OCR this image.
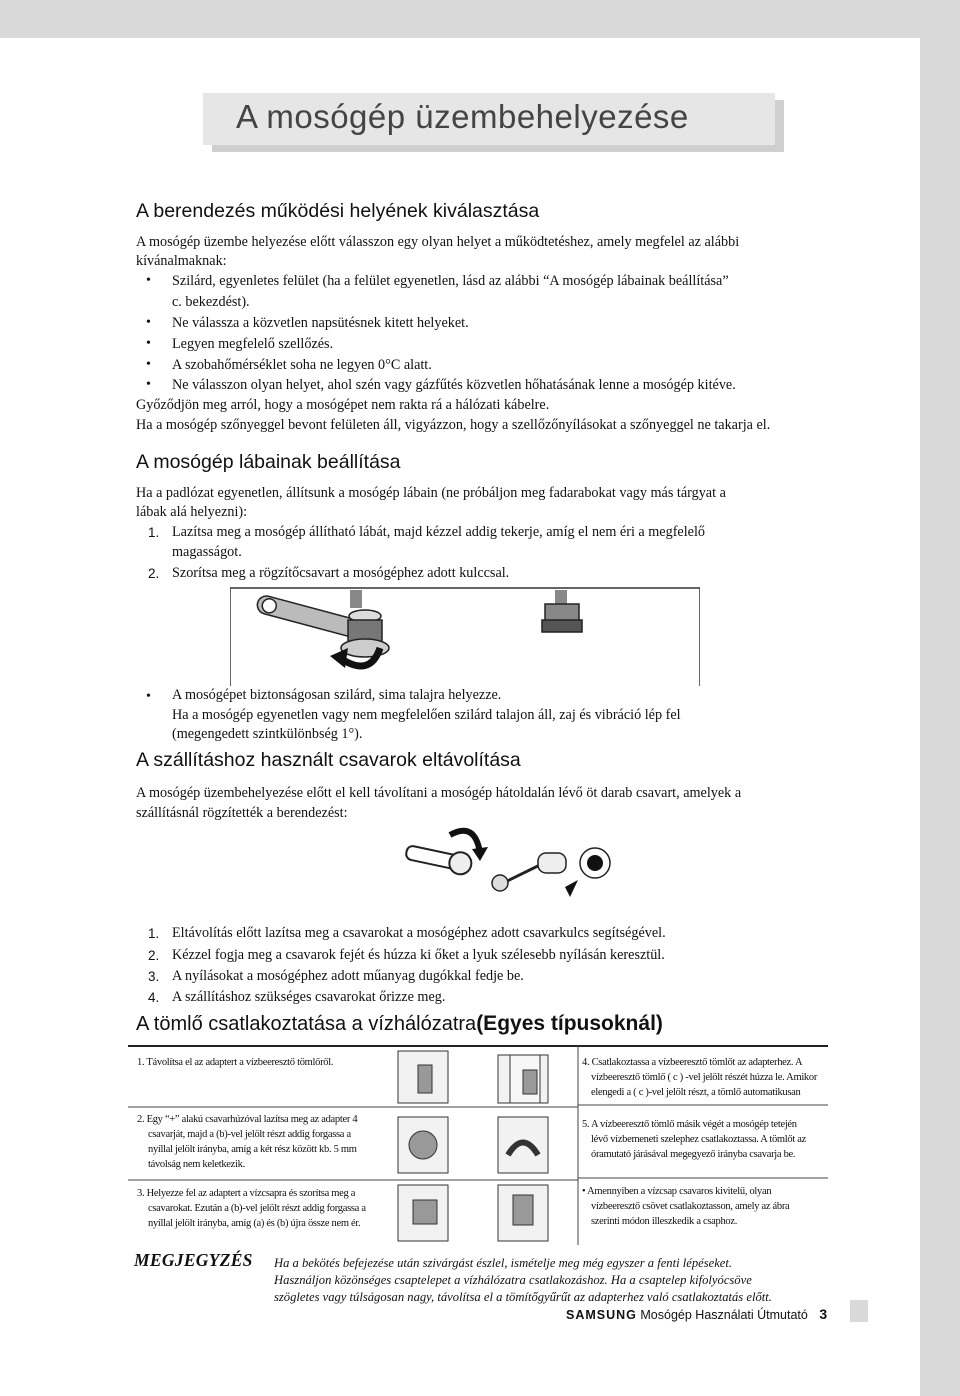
A mosógép üzembehelyezése
A berendezés működési helyének kiválasztása
A mosógép üzembe helyezése előtt válasszon egy olyan helyet a működtetéshez, amely megfelel az alábbi
kívánalmaknak:
• Szilárd, egyenletes felület (ha a felület egyenetlen, lásd az alábbi “A mosógép lábainak beállítása”
c. bekezdést).
• Ne válassza a közvetlen napsütésnek kitett helyeket.
• Legyen megfelelő szellőzés.
• A szobahőmérséklet soha ne legyen 0°C alatt.
• Ne válasszon olyan helyet, ahol szén vagy gázfűtés közvetlen hőhatásának lenne a mosógép kitéve.
Győződjön meg arról, hogy a mosógépet nem rakta rá a hálózati kábelre.
Ha a mosógép szőnyeggel bevont felületen áll, vigyázzon, hogy a szellőzőnyílásokat a szőnyeggel ne takarja el.
A mosógép lábainak beállítása
Ha a padlózat egyenetlen, állítsunk a mosógép lábain (ne próbáljon meg fadarabokat vagy más tárgyat a
lábak alá helyezni):
1. Lazítsa meg a mosógép állítható lábát, majd kézzel addig tekerje, amíg el nem éri a megfelelő
magasságot.
2. Szorítsa meg a rögzítőcsavart a mosógéphez adott kulccsal.
• A mosógépet biztonságosan szilárd, sima talajra helyezze.
Ha a mosógép egyenetlen vagy nem megfelelően szilárd talajon áll, zaj és vibráció lép fel
(megengedett szintkülönbség 1°).
A szállításhoz használt csavarok eltávolítása
A mosógép üzembehelyezése előtt el kell távolítani a mosógép hátoldalán lévő öt darab csavart, amelyek a
szállításnál rögzítették a berendezést:
1. Eltávolítás előtt lazítsa meg a csavarokat a mosógéphez adott csavarkulcs segítségével.
2. Kézzel fogja meg a csavarok fejét és húzza ki őket a lyuk szélesebb nyílásán keresztül.
3. A nyílásokat a mosógéphez adott műanyag dugókkal fedje be.
4. A szállításhoz szükséges csavarokat őrizze meg.
A tömlő csatlakoztatása a vízhálózatra(Egyes típusoknál)
1. Távolítsa el az adaptert a vízbeeresztő tömlőről.
2. Egy “+” alakú csavarhúzóval lazítsa meg az adapter 4
csavarját, majd a (b)-vel jelölt részt addig forgassa a
nyíllal jelölt irányba, amíg a két rész között kb. 5 mm
távolság nem keletkezik.
3. Helyezze fel az adaptert a vízcsapra és szorítsa meg a
csavarokat. Ezután a (b)-vel jelölt részt addig forgassa a
nyíllal jelölt irányba, amíg (a) és (b) újra össze nem ér.
4. Csatlakoztassa a vízbeeresztő tömlőt az adapterhez. A
vízbeeresztő tömlő ( c ) -vel jelölt részét húzza le. Amikor
elengedi a ( c )-vel jelölt részt, a tömlő automatikusan
5. A vízbeeresztő tömlő másik végét a mosógép tetején
lévő vízbemeneti szelephez csatlakoztassa. A tömlőt az
óramutató járásával megegyező irányba csavarja be.
• Amennyiben a vízcsap csavaros kivitelű, olyan
vízbeeresztő csövet csatlakoztasson, amely az ábra
szerinti módon illeszkedik a csaphoz.
MEGJEGYZÉS Ha a bekötés befejezése után szivárgást észlel, ismételje meg még egyszer a fenti lépéseket.
Használjon közönséges csaptelepet a vízhálózatra csatlakozáshoz. Ha a csaptelep kifolyócsöve
szögletes vagy túlságosan nagy, távolítsa el a tömítőgyűrűt az adapterhez való csatlakoztatás előtt.
SAMSUNG Mosógép Használati Útmutató 3
